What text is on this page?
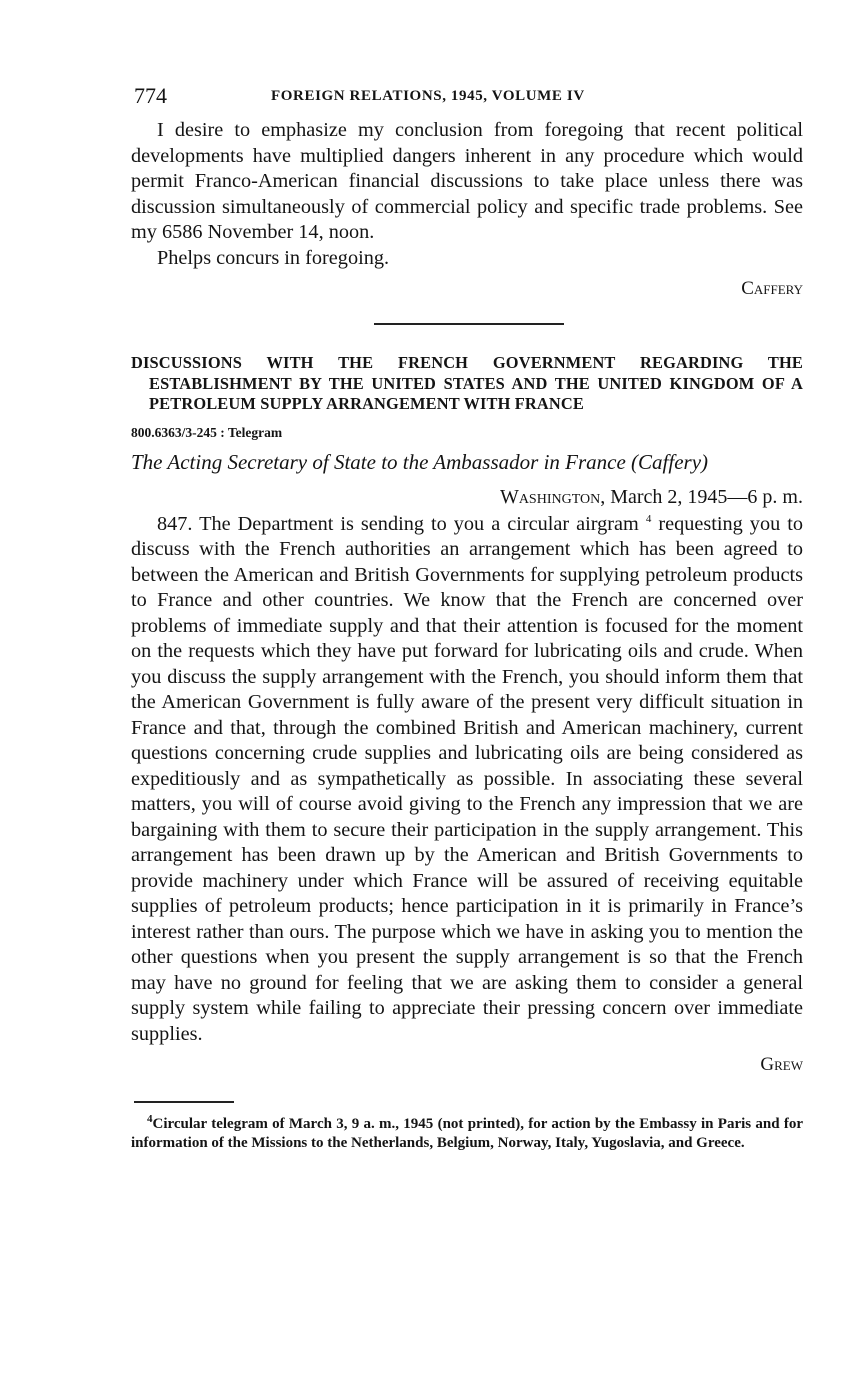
774	FOREIGN RELATIONS, 1945, VOLUME IV

I desire to emphasize my conclusion from foregoing that recent political developments have multiplied dangers inherent in any procedure which would permit Franco-American financial discussions to take place unless there was discussion simultaneously of commercial policy and specific trade problems. See my 6586 November 14, noon.

Phelps concurs in foregoing.

Caffery

DISCUSSIONS WITH THE FRENCH GOVERNMENT REGARDING THE ESTABLISHMENT BY THE UNITED STATES AND THE UNITED KINGDOM OF A PETROLEUM SUPPLY ARRANGEMENT WITH FRANCE

800.6363/3-245 : Telegram

The Acting Secretary of State to the Ambassador in France (Caffery)

Washington, March 2, 1945—6 p. m.

847. The Department is sending to you a circular airgram $^4$ requesting you to discuss with the French authorities an arrangement which has been agreed to between the American and British Governments for supplying petroleum products to France and other countries. We know that the French are concerned over problems of immediate supply and that their attention is focused for the moment on the requests which they have put forward for lubricating oils and crude. When you discuss the supply arrangement with the French, you should inform them that the American Government is fully aware of the present very difficult situation in France and that, through the combined British and American machinery, current questions concerning crude supplies and lubricating oils are being considered as expeditiously and as sympathetically as possible. In associating these several matters, you will of course avoid giving to the French any impression that we are bargaining with them to secure their participation in the supply arrangement. This arrangement has been drawn up by the American and British Governments to provide machinery under which France will be assured of receiving equitable supplies of petroleum products; hence participation in it is primarily in France’s interest rather than ours. The purpose which we have in asking you to mention the other questions when you present the supply arrangement is so that the French may have no ground for feeling that we are asking them to consider a general supply system while failing to appreciate their pressing concern over immediate supplies.

Grew

$^4$Circular telegram of March 3, 9 a. m., 1945 (not printed), for action by the Embassy in Paris and for information of the Missions to the Netherlands, Belgium, Norway, Italy, Yugoslavia, and Greece.
